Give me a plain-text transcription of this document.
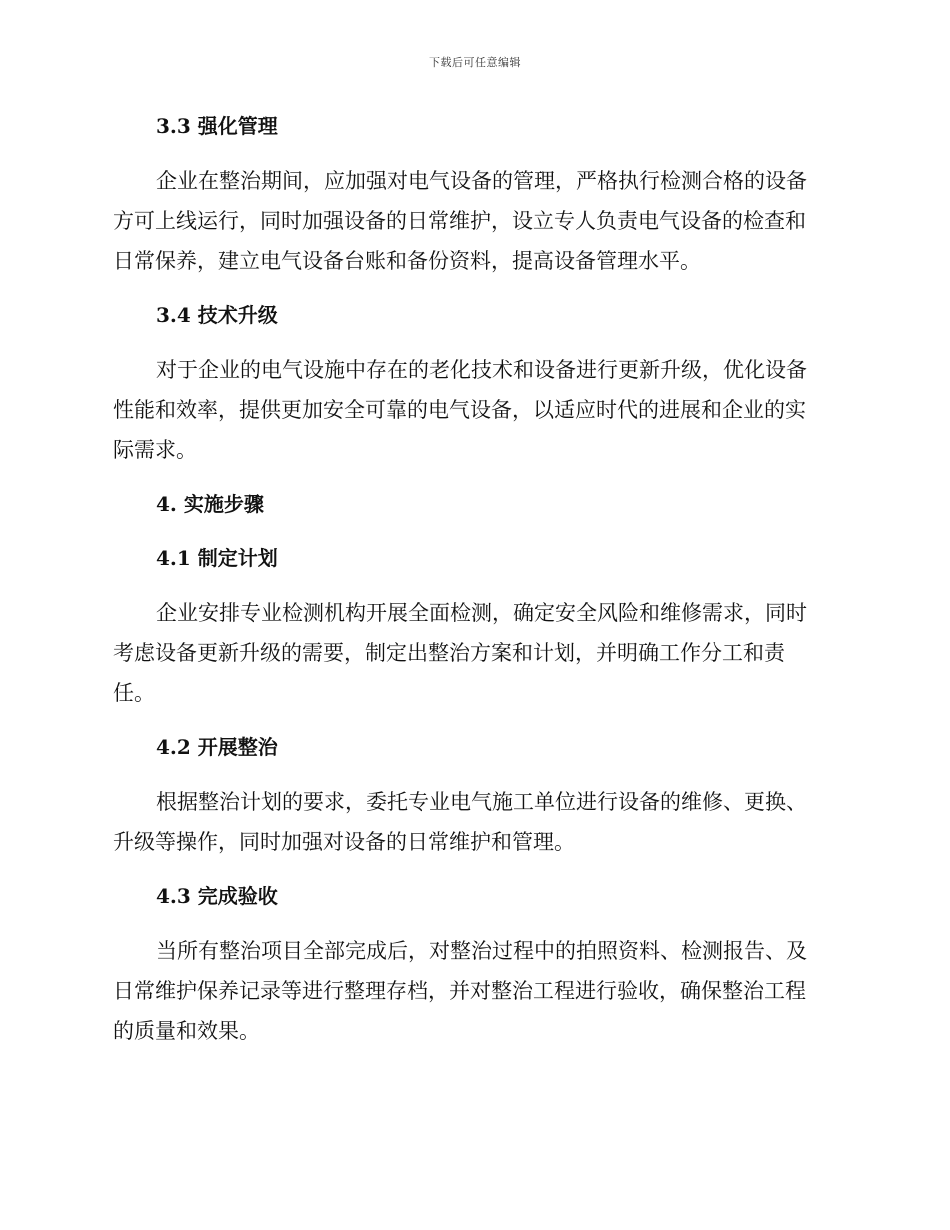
下载后可任意编辑
3.3 强化管理
企业在整治期间，应加强对电气设备的管理，严格执行检测合格的设备
方可上线运行，同时加强设备的日常维护，设立专人负责电气设备的检查和
日常保养，建立电气设备台账和备份资料，提高设备管理水平。
3.4 技术升级
对于企业的电气设施中存在的老化技术和设备进行更新升级，优化设备
性能和效率，提供更加安全可靠的电气设备，以适应时代的进展和企业的实
际需求。
4. 实施步骤
4.1 制定计划
企业安排专业检测机构开展全面检测，确定安全风险和维修需求，同时
考虑设备更新升级的需要，制定出整治方案和计划，并明确工作分工和责
任。
4.2 开展整治
根据整治计划的要求，委托专业电气施工单位进行设备的维修、更换、
升级等操作，同时加强对设备的日常维护和管理。
4.3 完成验收
当所有整治项目全部完成后，对整治过程中的拍照资料、检测报告、及
日常维护保养记录等进行整理存档，并对整治工程进行验收，确保整治工程
的质量和效果。
